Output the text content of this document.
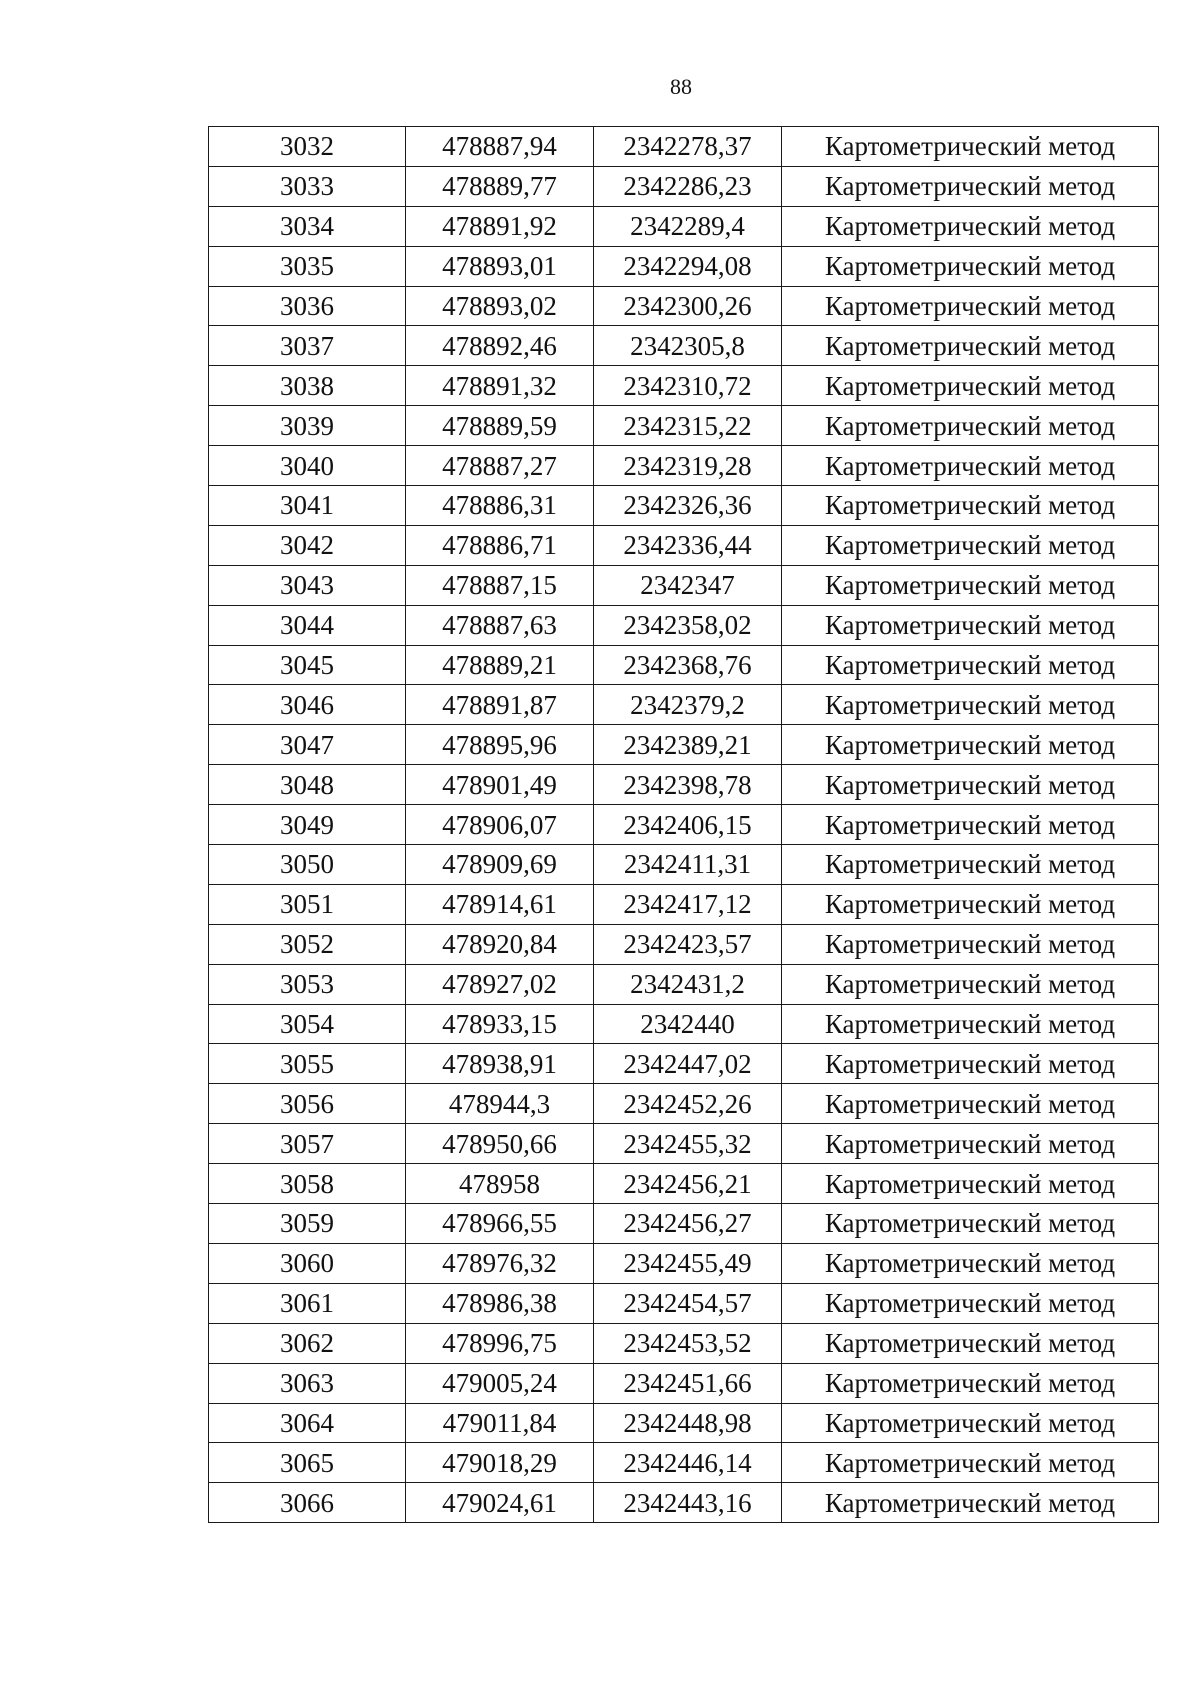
88
3032	478887,94	2342278,37	Картометрический метод
3033	478889,77	2342286,23	Картометрический метод
3034	478891,92	2342289,4	Картометрический метод
3035	478893,01	2342294,08	Картометрический метод
3036	478893,02	2342300,26	Картометрический метод
3037	478892,46	2342305,8	Картометрический метод
3038	478891,32	2342310,72	Картометрический метод
3039	478889,59	2342315,22	Картометрический метод
3040	478887,27	2342319,28	Картометрический метод
3041	478886,31	2342326,36	Картометрический метод
3042	478886,71	2342336,44	Картометрический метод
3043	478887,15	2342347	Картометрический метод
3044	478887,63	2342358,02	Картометрический метод
3045	478889,21	2342368,76	Картометрический метод
3046	478891,87	2342379,2	Картометрический метод
3047	478895,96	2342389,21	Картометрический метод
3048	478901,49	2342398,78	Картометрический метод
3049	478906,07	2342406,15	Картометрический метод
3050	478909,69	2342411,31	Картометрический метод
3051	478914,61	2342417,12	Картометрический метод
3052	478920,84	2342423,57	Картометрический метод
3053	478927,02	2342431,2	Картометрический метод
3054	478933,15	2342440	Картометрический метод
3055	478938,91	2342447,02	Картометрический метод
3056	478944,3	2342452,26	Картометрический метод
3057	478950,66	2342455,32	Картометрический метод
3058	478958	2342456,21	Картометрический метод
3059	478966,55	2342456,27	Картометрический метод
3060	478976,32	2342455,49	Картометрический метод
3061	478986,38	2342454,57	Картометрический метод
3062	478996,75	2342453,52	Картометрический метод
3063	479005,24	2342451,66	Картометрический метод
3064	479011,84	2342448,98	Картометрический метод
3065	479018,29	2342446,14	Картометрический метод
3066	479024,61	2342443,16	Картометрический метод
